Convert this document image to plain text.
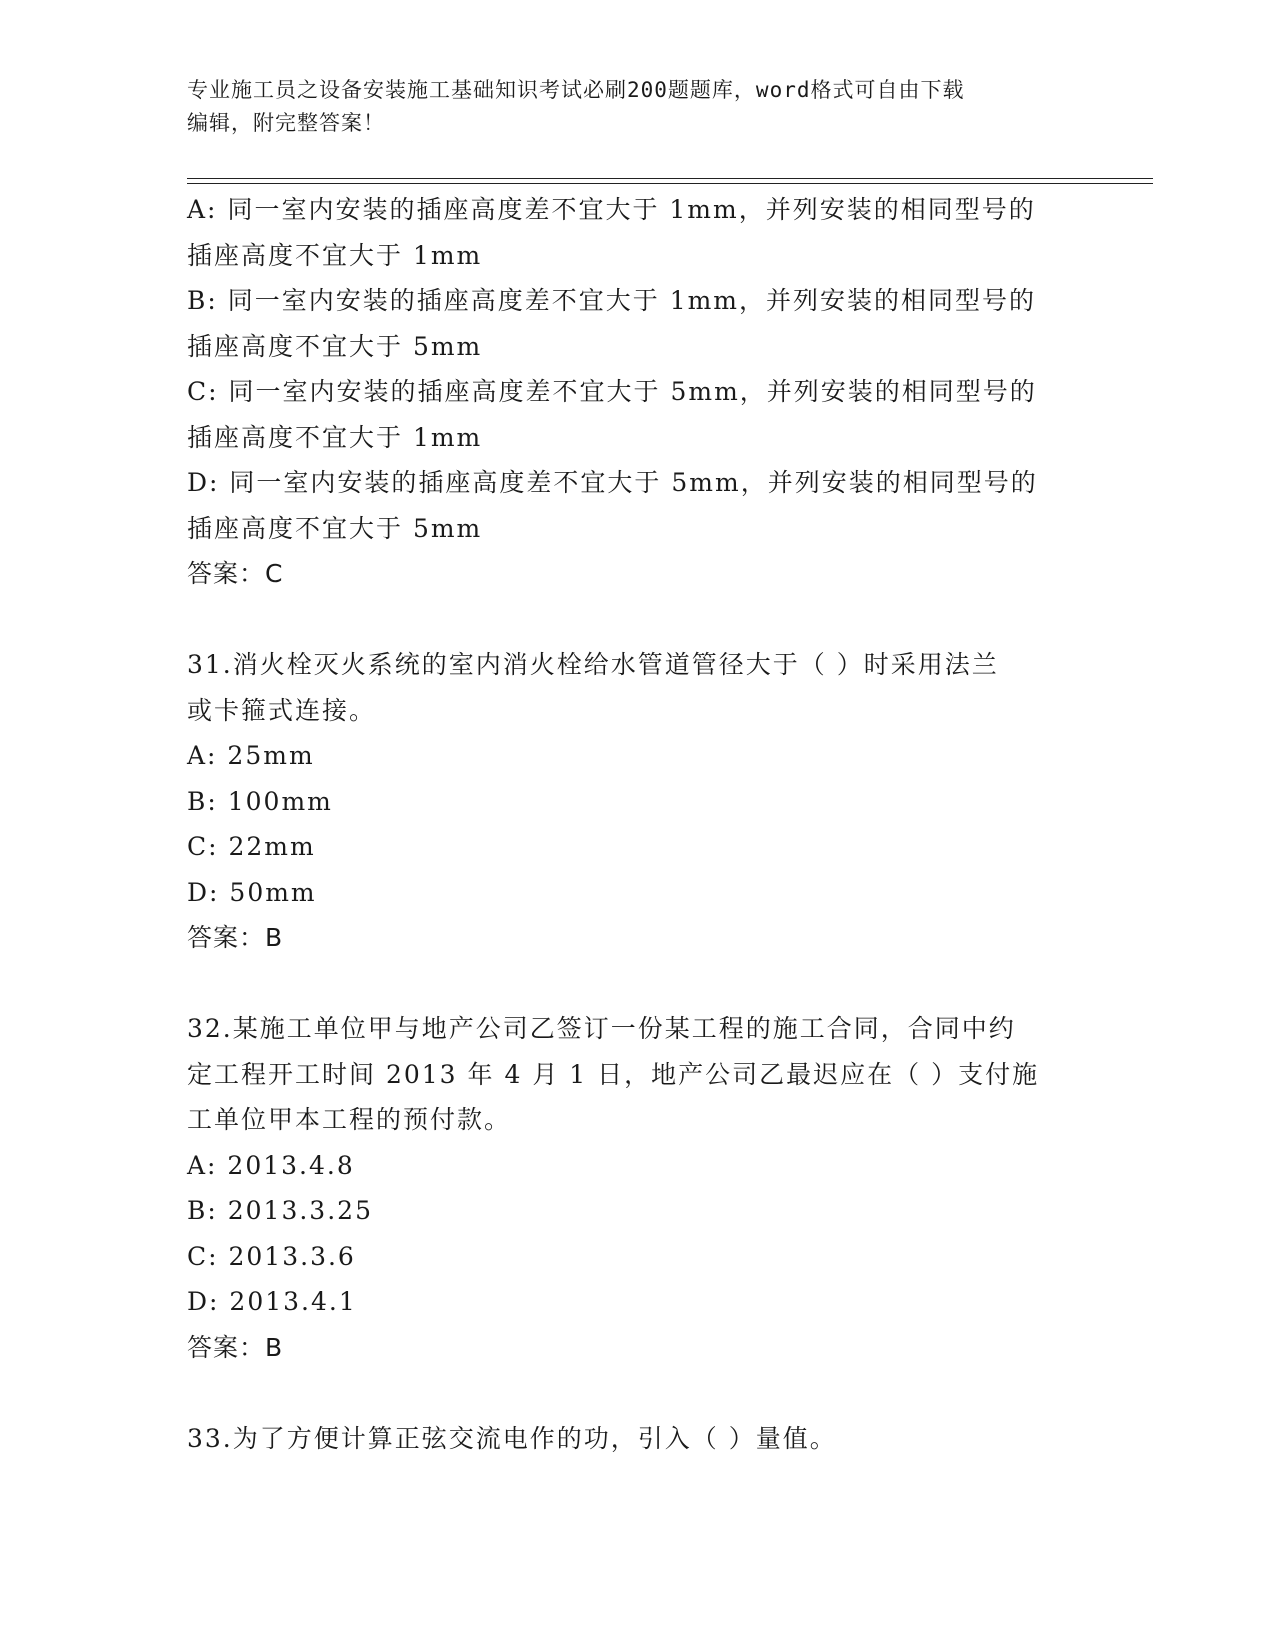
专业施工员之设备安装施工基础知识考试必刷200题题库，word格式可自由下载
编辑，附完整答案！
A: 同一室内安装的插座高度差不宜大于 1mm，并列安装的相同型号的
插座高度不宜大于 1mm
B: 同一室内安装的插座高度差不宜大于 1mm，并列安装的相同型号的
插座高度不宜大于 5mm
C: 同一室内安装的插座高度差不宜大于 5mm，并列安装的相同型号的
插座高度不宜大于 1mm
D: 同一室内安装的插座高度差不宜大于 5mm，并列安装的相同型号的
插座高度不宜大于 5mm
答案：C
31.消火栓灭火系统的室内消火栓给水管道管径大于（ ）时采用法兰
或卡箍式连接。
A: 25mm
B: 100mm
C: 22mm
D: 50mm
答案：B
32.某施工单位甲与地产公司乙签订一份某工程的施工合同，合同中约
定工程开工时间 2013 年 4 月 1 日，地产公司乙最迟应在（ ）支付施
工单位甲本工程的预付款。
A: 2013.4.8
B: 2013.3.25
C: 2013.3.6
D: 2013.4.1
答案：B
33.为了方便计算正弦交流电作的功，引入（ ）量值。
